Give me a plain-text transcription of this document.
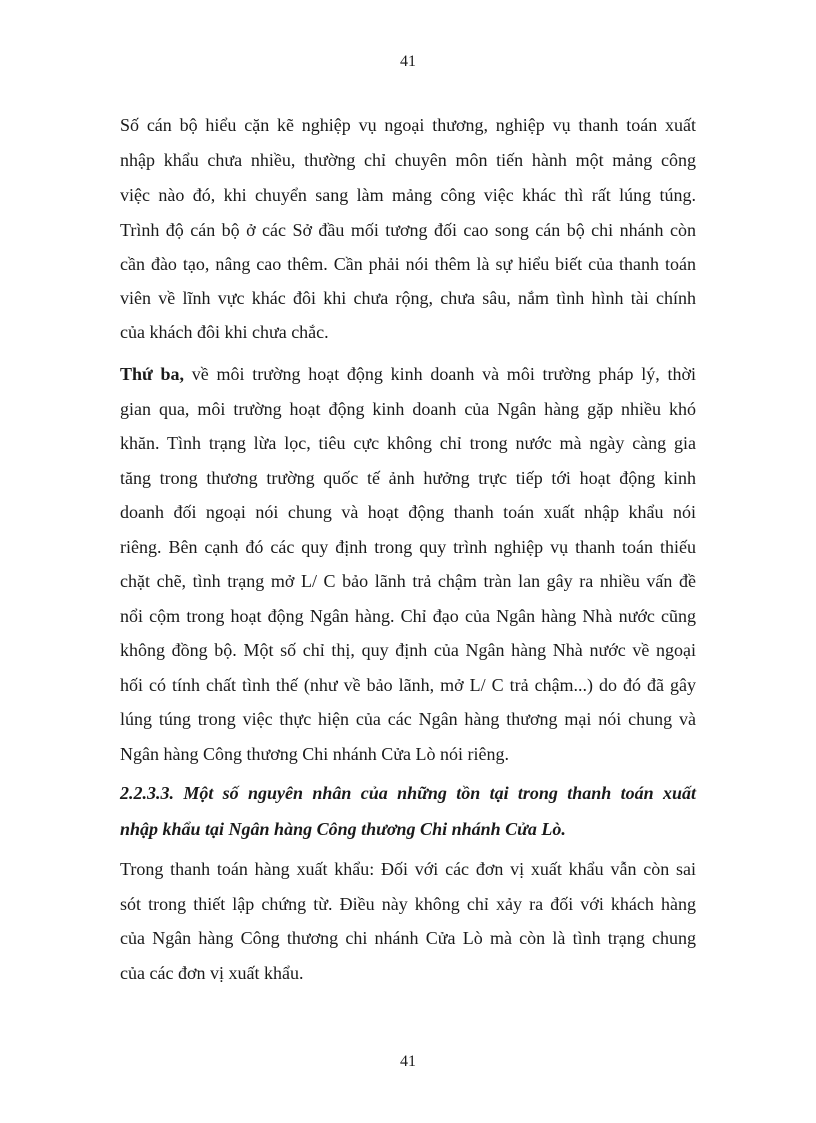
41

Số cán bộ hiểu cặn kẽ nghiệp vụ ngoại thương, nghiệp vụ thanh toán xuất

nhập khẩu chưa nhiều, thường chỉ chuyên môn tiến hành một mảng công

việc nào đó, khi chuyển sang làm mảng công việc khác thì rất lúng túng.

Trình độ cán bộ ở các Sở đầu mối tương đối cao song cán bộ chi nhánh còn

cần đào tạo, nâng cao thêm. Cần phải nói thêm là sự hiểu biết của thanh toán

viên về lĩnh vực khác đôi khi chưa rộng, chưa sâu, nắm tình hình tài chính

của khách đôi khi chưa chắc.

Thứ ba, về môi trường hoạt động kinh doanh và môi trường pháp lý, thời

gian qua, môi trường hoạt động kinh doanh của Ngân hàng gặp nhiều khó

khăn. Tình trạng lừa lọc, tiêu cực không chỉ trong nước mà ngày càng gia

tăng trong thương trường quốc tế ảnh hưởng trực tiếp tới hoạt động kinh

doanh đối ngoại nói chung và hoạt động thanh toán xuất nhập khẩu nói

riêng. Bên cạnh đó các quy định trong quy trình nghiệp vụ thanh toán thiếu

chặt chẽ, tình trạng mở L/ C bảo lãnh trả chậm tràn lan gây ra nhiều vấn đề

nổi cộm trong hoạt động Ngân hàng. Chỉ đạo của Ngân hàng Nhà nước cũng

không đồng bộ. Một số chỉ thị, quy định của Ngân hàng Nhà nước về ngoại

hối có tính chất tình thế (như về bảo lãnh, mở L/ C trả chậm...) do đó đã gây

lúng túng trong việc thực hiện của các Ngân hàng thương mại nói chung và

Ngân hàng Công thương Chi nhánh Cửa Lò nói riêng.

2.2.3.3. Một số nguyên nhân của những tồn tại trong thanh toán xuất

nhập khẩu tại Ngân hàng Công thương Chi nhánh Cửa Lò.

Trong thanh toán hàng xuất khẩu: Đối với các đơn vị xuất khẩu vẫn còn sai

sót trong thiết lập chứng từ. Điều này không chỉ xảy ra đối với khách hàng

của Ngân hàng Công thương chi nhánh Cửa Lò mà còn là tình trạng chung

của các đơn vị xuất khẩu.

41
